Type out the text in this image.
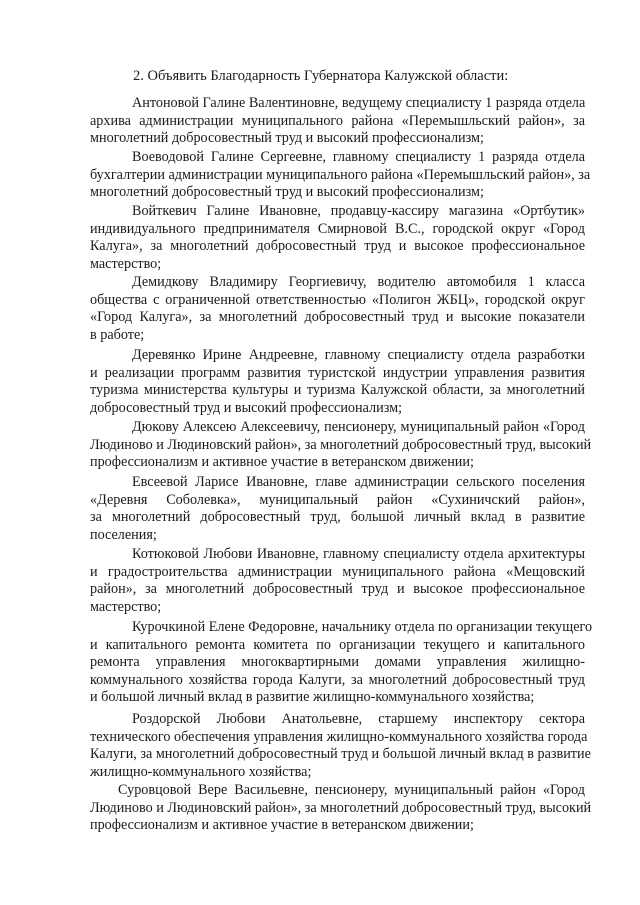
2. Объявить Благодарность Губернатора Калужской области:
Антоновой Галине Валентиновне, ведущему специалисту 1 разряда отдела
архива администрации муниципального района «Перемышльский район», за
многолетний добросовестный труд и высокий профессионализм;
Воеводовой Галине Сергеевне, главному специалисту 1 разряда отдела
бухгалтерии администрации муниципального района «Перемышльский район», за
многолетний добросовестный труд и высокий профессионализм;
Войткевич Галине Ивановне, продавцу-кассиру магазина «Ортбутик»
индивидуального предпринимателя Смирновой В.С., городской округ «Город
Калуга», за многолетний добросовестный труд и высокое профессиональное
мастерство;
Демидкову Владимиру Георгиевичу, водителю автомобиля 1 класса
общества с ограниченной ответственностью «Полигон ЖБЦ», городской округ
«Город Калуга», за многолетний добросовестный труд и высокие показатели
в работе;
Деревянко Ирине Андреевне, главному специалисту отдела разработки
и реализации программ развития туристской индустрии управления развития
туризма министерства культуры и туризма Калужской области, за многолетний
добросовестный труд и высокий профессионализм;
Дюкову Алексею Алексеевичу, пенсионеру, муниципальный район «Город
Людиново и Людиновский район», за многолетний добросовестный труд, высокий
профессионализм и активное участие в ветеранском движении;
Евсеевой Ларисе Ивановне, главе администрации сельского поселения
«Деревня Соболевка», муниципальный район «Сухиничский район»,
за многолетний добросовестный труд, большой личный вклад в развитие
поселения;
Котюковой Любови Ивановне, главному специалисту отдела архитектуры
и градостроительства администрации муниципального района «Мещовский
район», за многолетний добросовестный труд и высокое профессиональное
мастерство;
Курочкиной Елене Федоровне, начальнику отдела по организации текущего
и капитального ремонта комитета по организации текущего и капитального
ремонта управления многоквартирными домами управления жилищно-
коммунального хозяйства города Калуги, за многолетний добросовестный труд
и большой личный вклад в развитие жилищно-коммунального хозяйства;
Роздорской Любови Анатольевне, старшему инспектору сектора
технического обеспечения управления жилищно-коммунального хозяйства города
Калуги, за многолетний добросовестный труд и большой личный вклад в развитие
жилищно-коммунального хозяйства;
Суровцовой Вере Васильевне, пенсионеру, муниципальный район «Город
Людиново и Людиновский район», за многолетний добросовестный труд, высокий
профессионализм и активное участие в ветеранском движении;
